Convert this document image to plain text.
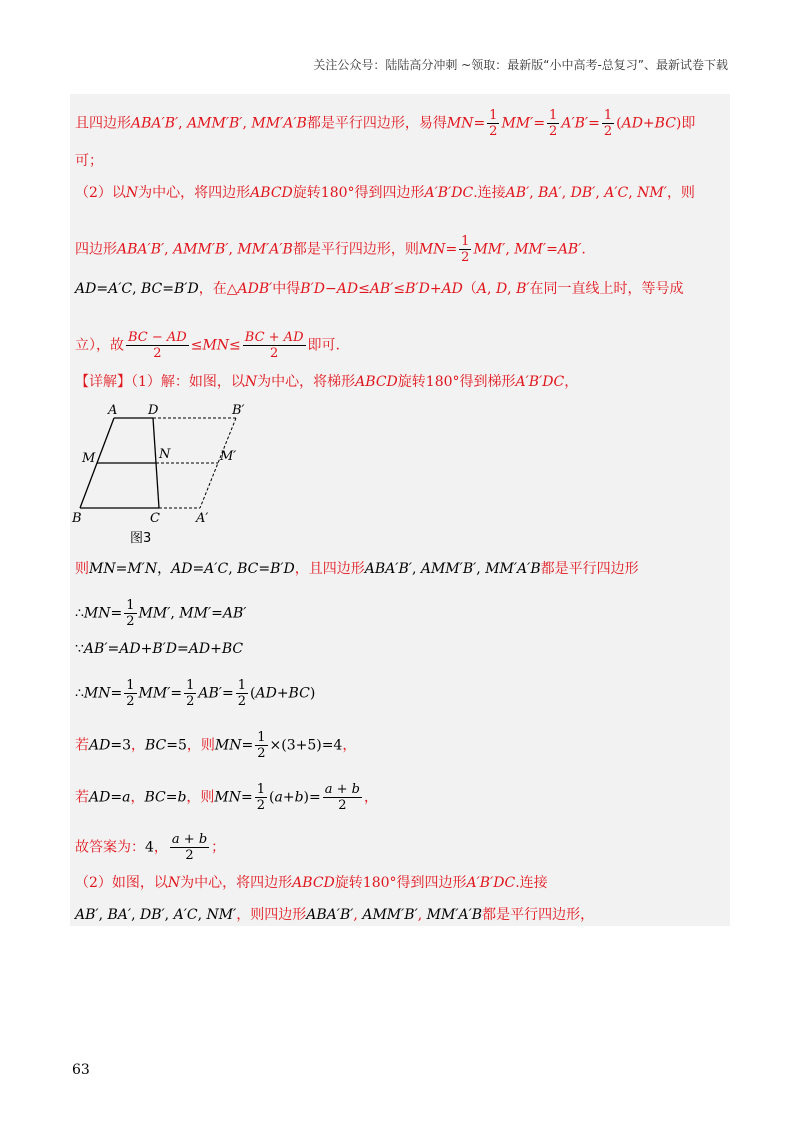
关注公众号：陆陆高分冲刺 ~领取：最新版“小中高考-总复习”、最新试卷下载
且四边形ABA′B′, AMM′B′, MM′A′B都是平行四边形，易得$MN= \frac{1}{2} MM'= \frac{1}{2} A'B'= \frac{1}{2} (AD+BC)$即
可；
（2）以N为中心，将四边形ABCD旋转180°得到四边形A′B′DC.连接AB′, BA′, DB′, A′C, NM′，则
四边形ABA′B′, AMM′B′, MM′A′B都是平行四边形，则$MN= \frac{1}{2} MM'$, MM′=AB′.
AD=A′C, BC=B′D，在△ADB′中得B′D−AD≤AB′≤B′D+AD（A, D, B′在同一直线上时，等号成
立），故 $\frac{BC - AD}{2} \le MN\le \frac{BC + AD}{2}$ 即可.
【详解】（1）解：如图，以N为中心，将梯形ABCD旋转180°得到梯形A′B′DC，
A D	B′
M	N	M′
B	C	A′
图3
则MN=M′N，AD=A′C, BC=B′D，且四边形ABA′B′, AMM′B′, MM′A′B都是平行四边形
∴MN= $\frac{1}{2} MM'$, MM′=AB′
∵AB′=AD+B′D=AD+BC
∴MN= $\frac{1}{2} MM'= \frac{1}{2} AB'= \frac{1}{2} (AD+BC)$
若AD=3，BC=5，则$MN= \frac{1}{2} \times(3+5)=4$，
若AD=a，BC=b，则$MN= \frac{1}{2} (a+b)= \frac{a + b}{2}$ ，
故答案为：4， $\frac{a + b}{2}$ ；
（2）如图，以N为中心，将四边形ABCD旋转180°得到四边形A′B′DC.连接
AB′, BA′, DB′, A′C, NM′，则四边形ABA′B′, AMM′B′, MM′A′B都是平行四边形，
63
